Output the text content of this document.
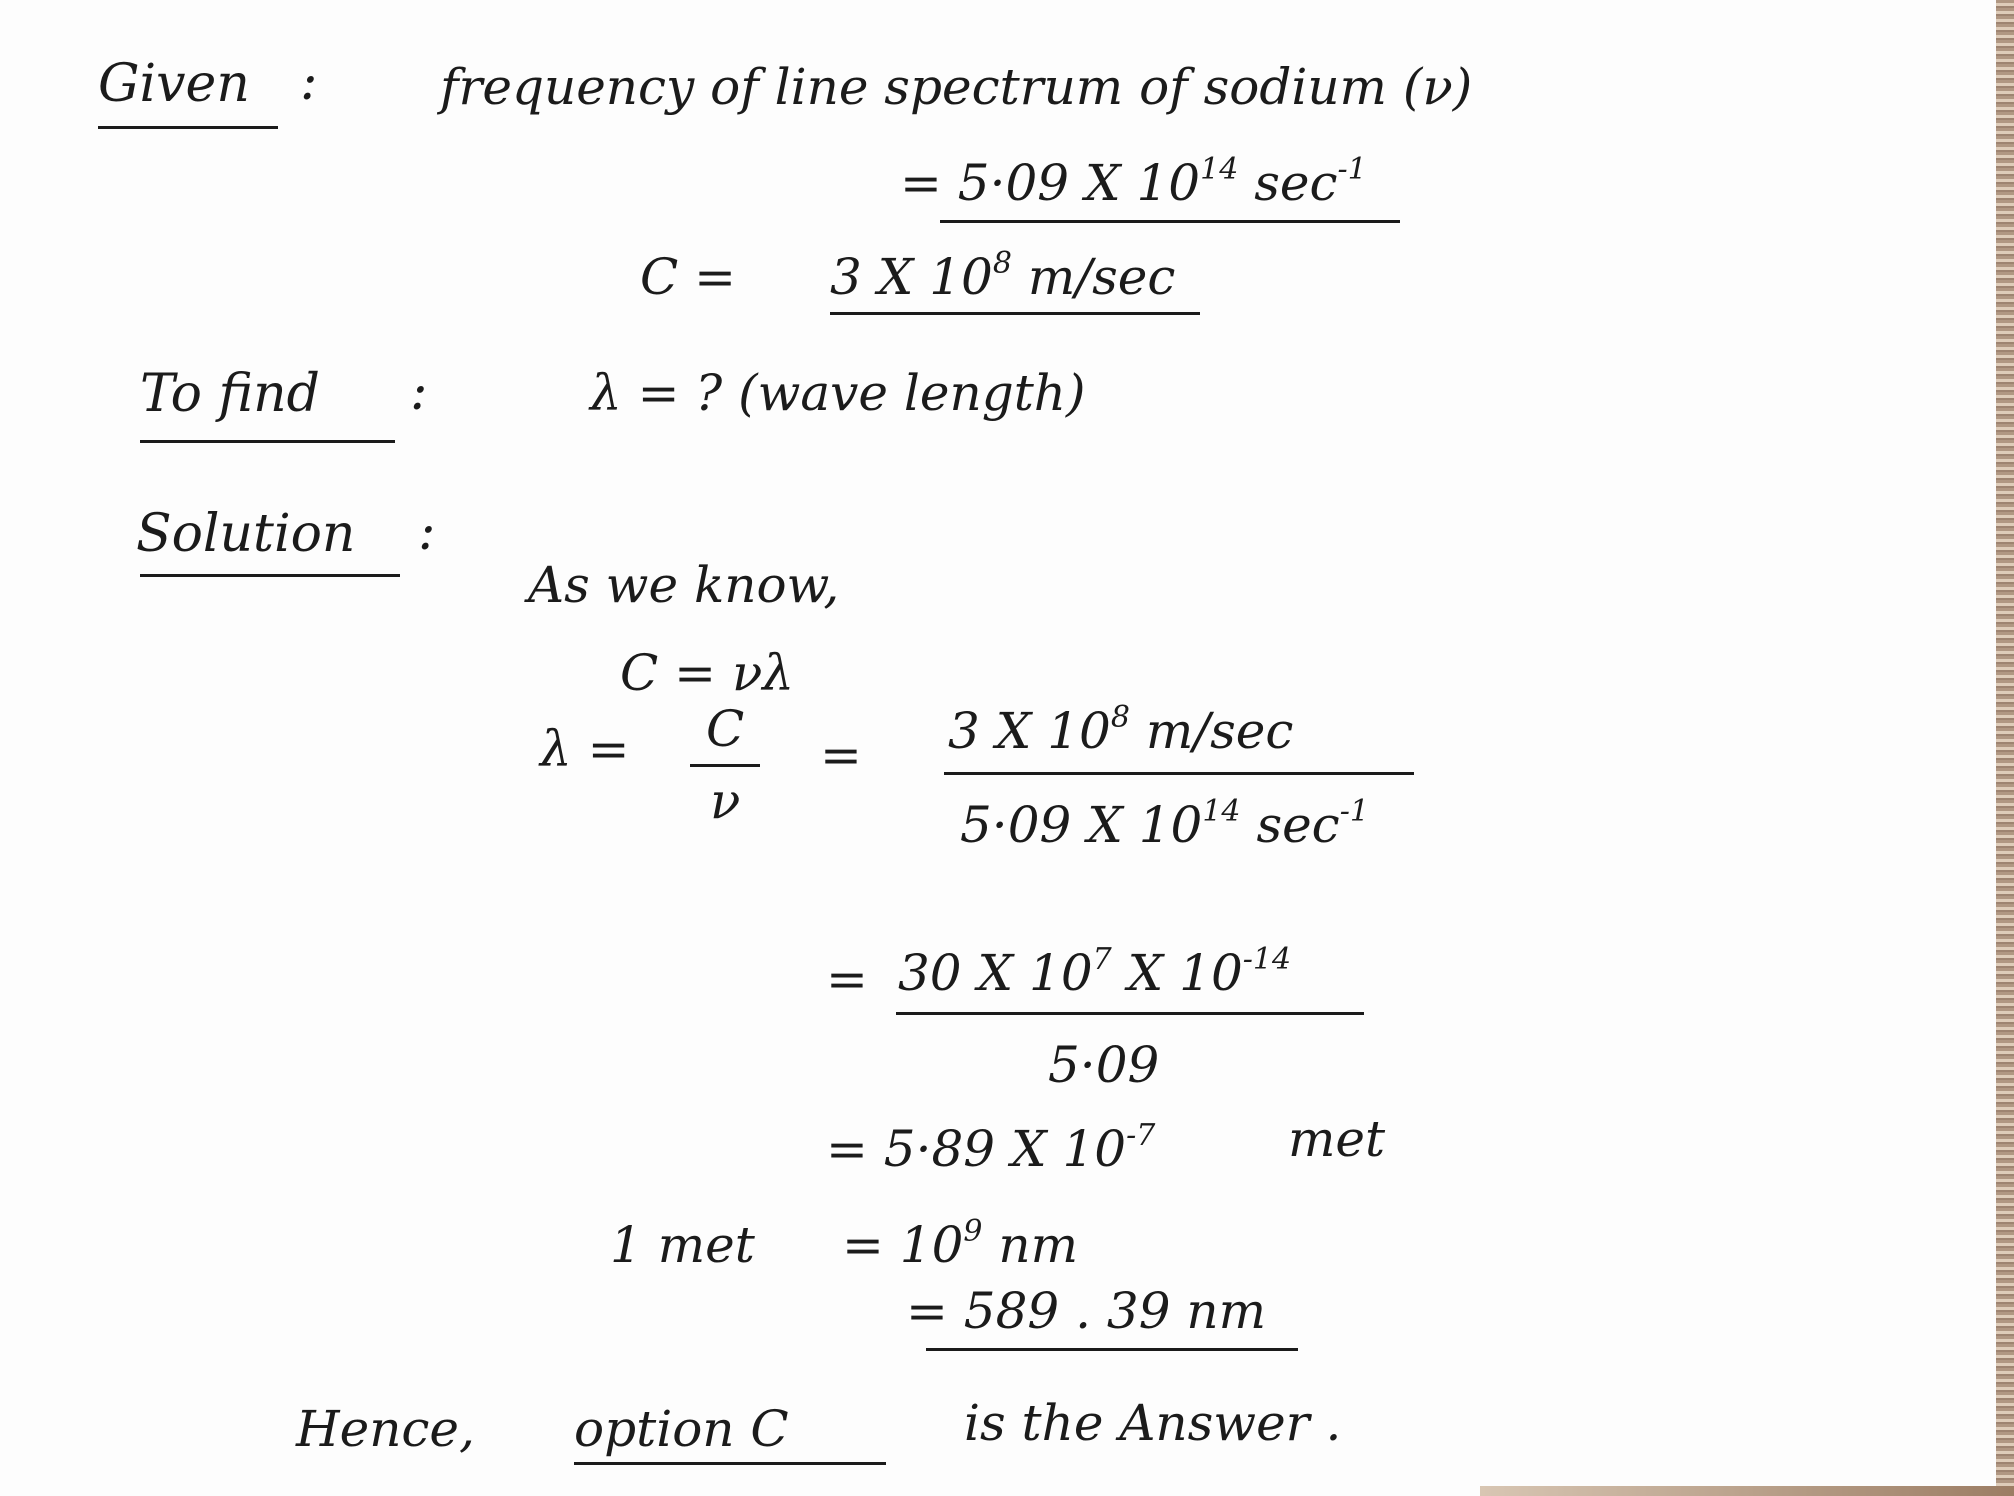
Given : frequency of line spectrum of sodium (ν)
= 5·09 X $10^{14}$ $\sec^{-1}$
C = 3 X $10^8$ m/sec
To find :	λ = ? (wave length)
Solution :
As we know,
C = νλ
λ = C
ν
= 3 X $10^8$ m/sec
5·09 X $10^{14}$ $\sec^{-1}$
= 30 X $10^7$ X $10^{-14}$
5·09
= 5·89 X $10^{-7}$	met
1 met = $10^9$ nm
= 589 . 39 nm
Hence, option C	is the Answer .
